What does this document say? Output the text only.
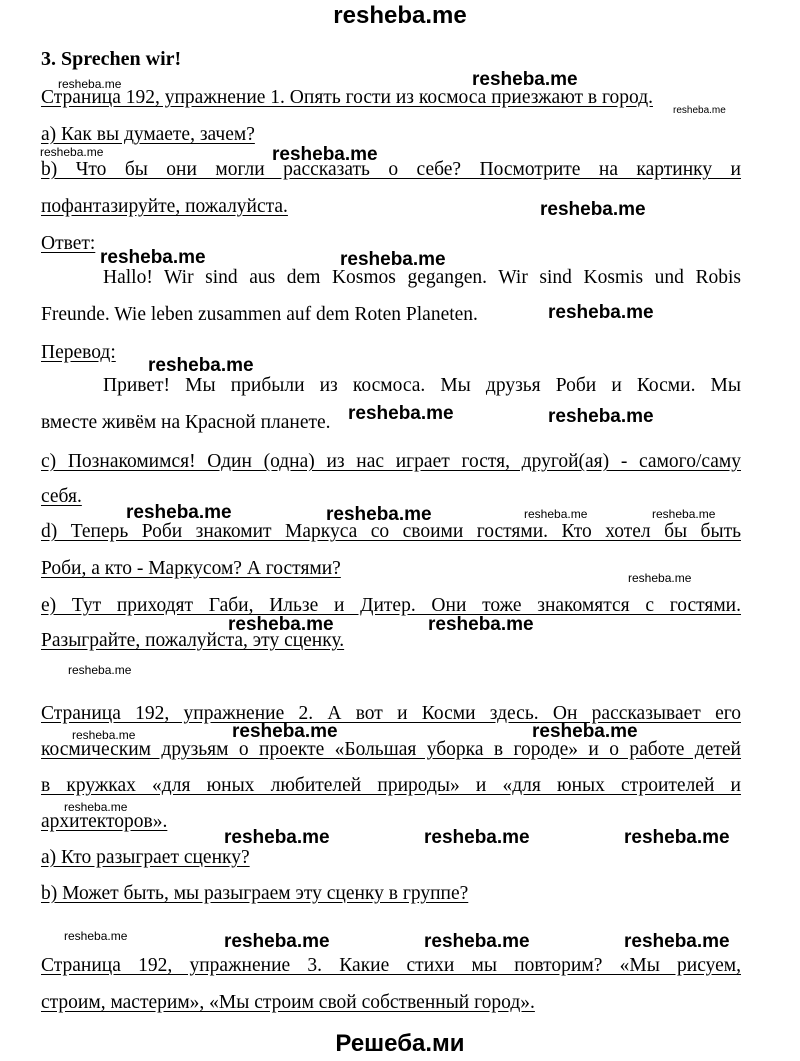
resheba.me
3. Sprechen wir!
Страница 192, упражнение 1. Опять гости из космоса приезжают в город.
а) Как вы думаете, зачем?
b) Что бы они могли рассказать о себе? Посмотрите на картинку и
пофантазируйте, пожалуйста.
Ответ:
Hallo! Wir sind aus dem Kosmos gegangen. Wir sind Kosmis und Robis
Freunde. Wie leben zusammen auf dem Roten Planeten.
Перевод:
Привет! Мы прибыли из космоса. Мы друзья Роби и Косми. Мы
вместе живём на Красной планете.
c) Познакомимся! Один (одна) из нас играет гостя, другой(ая) - самого/саму
себя.
d) Теперь Роби знакомит Маркуса со своими гостями. Кто хотел бы быть
Роби, а кто - Маркусом? А гостями?
e) Тут приходят Габи, Ильзе и Дитер. Они тоже знакомятся с гостями.
Разыграйте, пожалуйста, эту сценку.
Страница 192, упражнение 2. А вот и Косми здесь. Он рассказывает его
космическим друзьям о проекте «Большая уборка в городе» и о работе детей
в кружках «для юных любителей природы» и «для юных строителей и
архитекторов».
а) Кто разыграет сценку?
b) Может быть, мы разыграем эту сценку в группе?
Страница 192, упражнение 3. Какие стихи мы повторим? «Мы рисуем,
строим, мастерим», «Мы строим свой собственный город».
Решеба.ми
resheba.me	resheba.me
resheba.me
resheba.me	resheba.me
resheba.me
resheba.me	resheba.me
resheba.me
resheba.me
resheba.me	resheba.me
resheba.me	resheba.me	resheba.me	resheba.me
resheba.me
resheba.me	resheba.me
resheba.me
resheba.me	resheba.me	resheba.me
resheba.me
resheba.me	resheba.me	resheba.me
resheba.me	resheba.me	resheba.me	resheba.me
